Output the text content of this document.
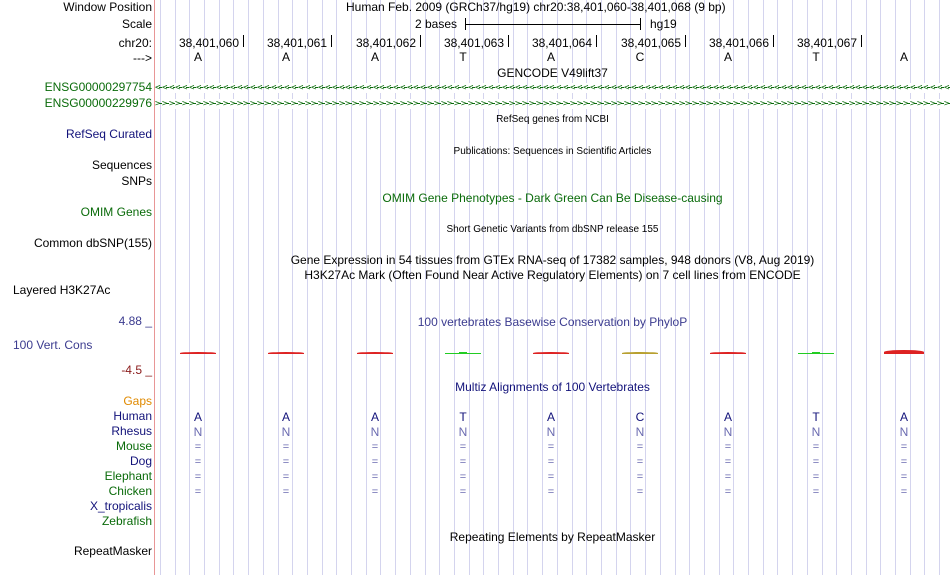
Window Position
Scale
chr20:
--->
Human Feb. 2009 (GRCh37/hg19) chr20:38,401,060-38,401,068 (9 bp)
2 bases	hg19
38,401,060	38,401,061	38,401,062	38,401,063	38,401,064	38,401,065	38,401,066	38,401,067
A	A	A	T	A	C	A	T	A
GENCODE V49lift37
ENSG00000297754 < < < < < < < < < < < < < < < < < < < < < < < < < < < < < < < < < < < < < < < < < < < < < < < < < < < < < < < < < < < < < < < < < < < < < < < < < < < < < < < < < < < < < < < < < < < < < < < < < < < < < < < < < < < < < < < < < < < < <
ENSG00000229976 > > > > > > > > > > > > > > > > > > > > > > > > > > > > > > > > > > > > > > > > > > > > > > > > > > > > > > > > > > > > > > > > > > > > > > > > > > > > > > > > > > > > > > > > > > > > > > > > > > > > > > > > > > > > > > > > > > > > >
RefSeq genes from NCBI
RefSeq Curated
Publications: Sequences in Scientific Articles
Sequences
SNPs
OMIM Gene Phenotypes - Dark Green Can Be Disease-causing
OMIM Genes
Short Genetic Variants from dbSNP release 155
Common dbSNP(155)
Gene Expression in 54 tissues from GTEx RNA-seq of 17382 samples, 948 donors (V8, Aug 2019)
H3K27Ac Mark (Often Found Near Active Regulatory Elements) on 7 cell lines from ENCODE
Layered H3K27Ac
4.88 _	100 vertebrates Basewise Conservation by PhyloP
100 Vert. Cons
-4.5 _
Multiz Alignments of 100 Vertebrates
Gaps
Human	A	A	A	T	A	C	A	T	A
Rhesus	N	N	N	N	N	N	N	N	N
Mouse	=	=	=	=	=	=	=	=	=
Dog	=	=	=	=	=	=	=	=	=
Elephant	=	=	=	=	=	=	=	=	=
Chicken	=	=	=	=	=	=	=	=	=
X_tropicalis
Zebrafish
Repeating Elements by RepeatMasker
RepeatMasker
